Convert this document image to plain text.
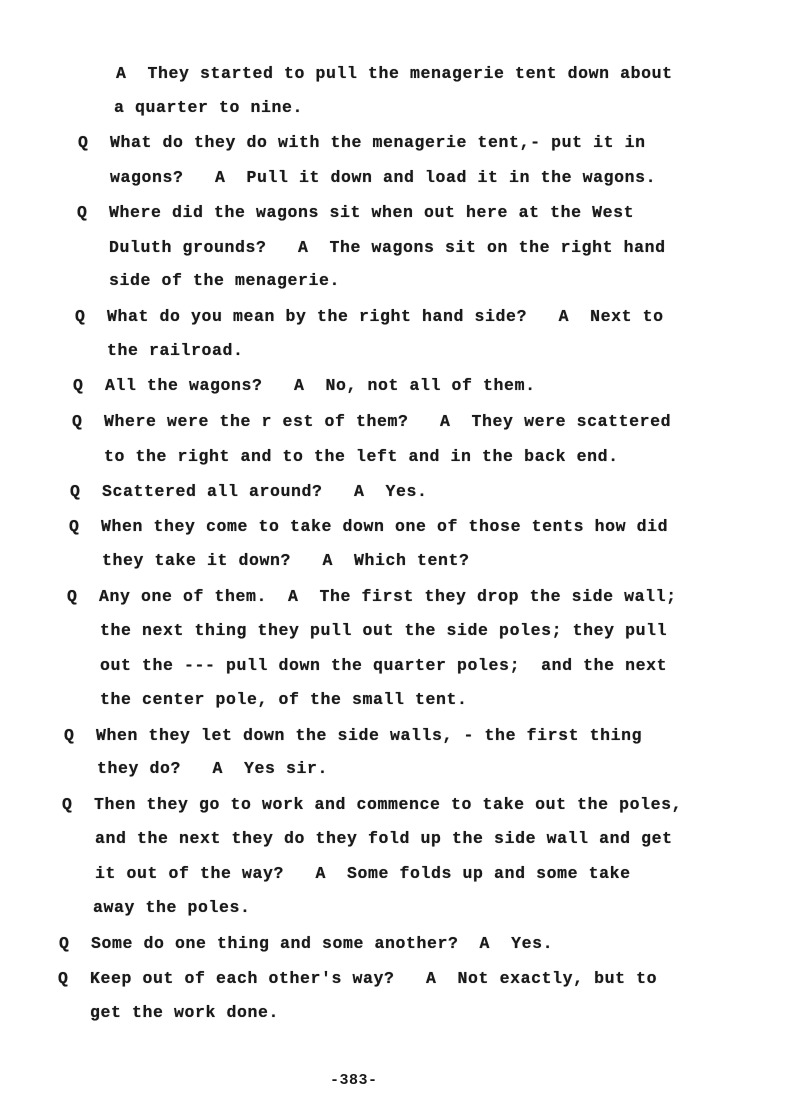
A  They started to pull the menagerie tent down about
a quarter to nine.
Q What do they do with the menagerie tent,- put it in
wagons?   A  Pull it down and load it in the wagons.
Q Where did the wagons sit when out here at the West
Duluth grounds?   A  The wagons sit on the right hand
side of the menagerie.
Q What do you mean by the right hand side?   A  Next to
the railroad.
Q All the wagons?   A  No, not all of them.
Q Where were the r est of them?   A  They were scattered
to the right and to the left and in the back end.
Q Scattered all around?   A  Yes.
Q When they come to take down one of those tents how did
they take it down?   A  Which tent?
Q Any one of them.  A  The first they drop the side wall;
the next thing they pull out the side poles; they pull
out the --- pull down the quarter poles;  and the next
the center pole, of the small tent.
Q When they let down the side walls, - the first thing
they do?   A  Yes sir.
Q Then they go to work and commence to take out the poles,
and the next they do they fold up the side wall and get
it out of the way?   A  Some folds up and some take
away the poles.
Q Some do one thing and some another?  A  Yes.
Q Keep out of each other's way?   A  Not exactly, but to
get the work done.
-383-
